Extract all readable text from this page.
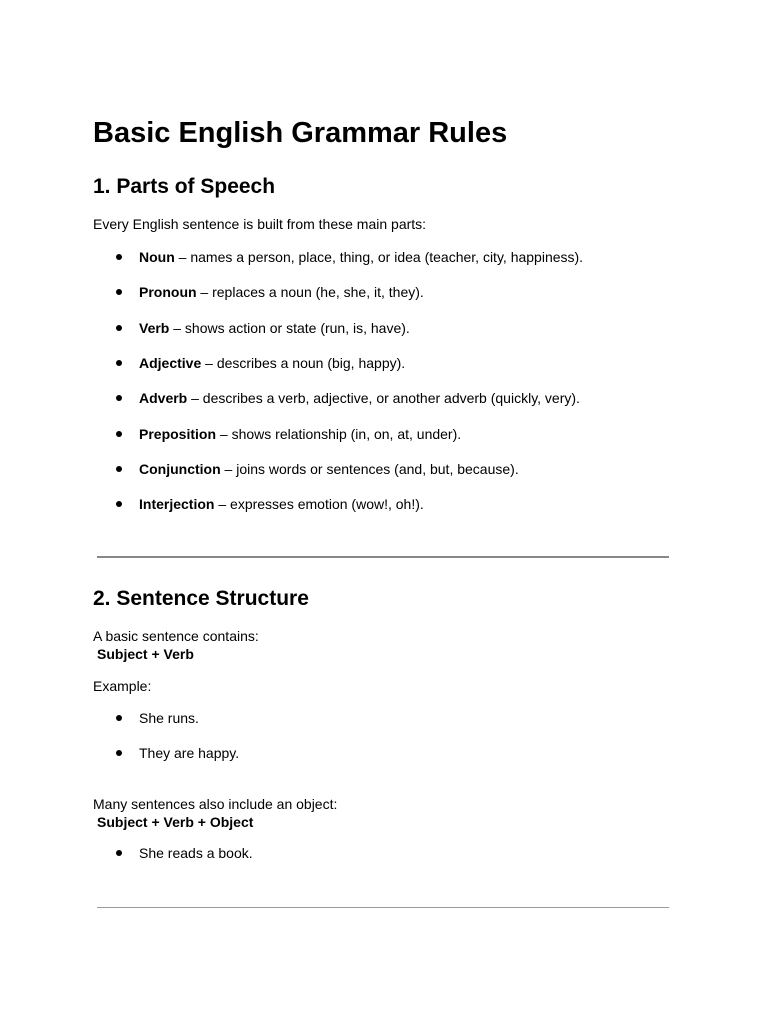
Basic English Grammar Rules
1. Parts of Speech

Every English sentence is built from these main parts:

Noun – names a person, place, thing, or idea (teacher, city, happiness).
Pronoun – replaces a noun (he, she, it, they).
Verb – shows action or state (run, is, have).
Adjective – describes a noun (big, happy).
Adverb – describes a verb, adjective, or another adverb (quickly, very).
Preposition – shows relationship (in, on, at, under).
Conjunction – joins words or sentences (and, but, because).
Interjection – expresses emotion (wow!, oh!).
2. Sentence Structure
A basic sentence contains:
Subject + Verb

Example:

She runs.
They are happy.
Many sentences also include an object:
Subject + Verb + Object
She reads a book.
